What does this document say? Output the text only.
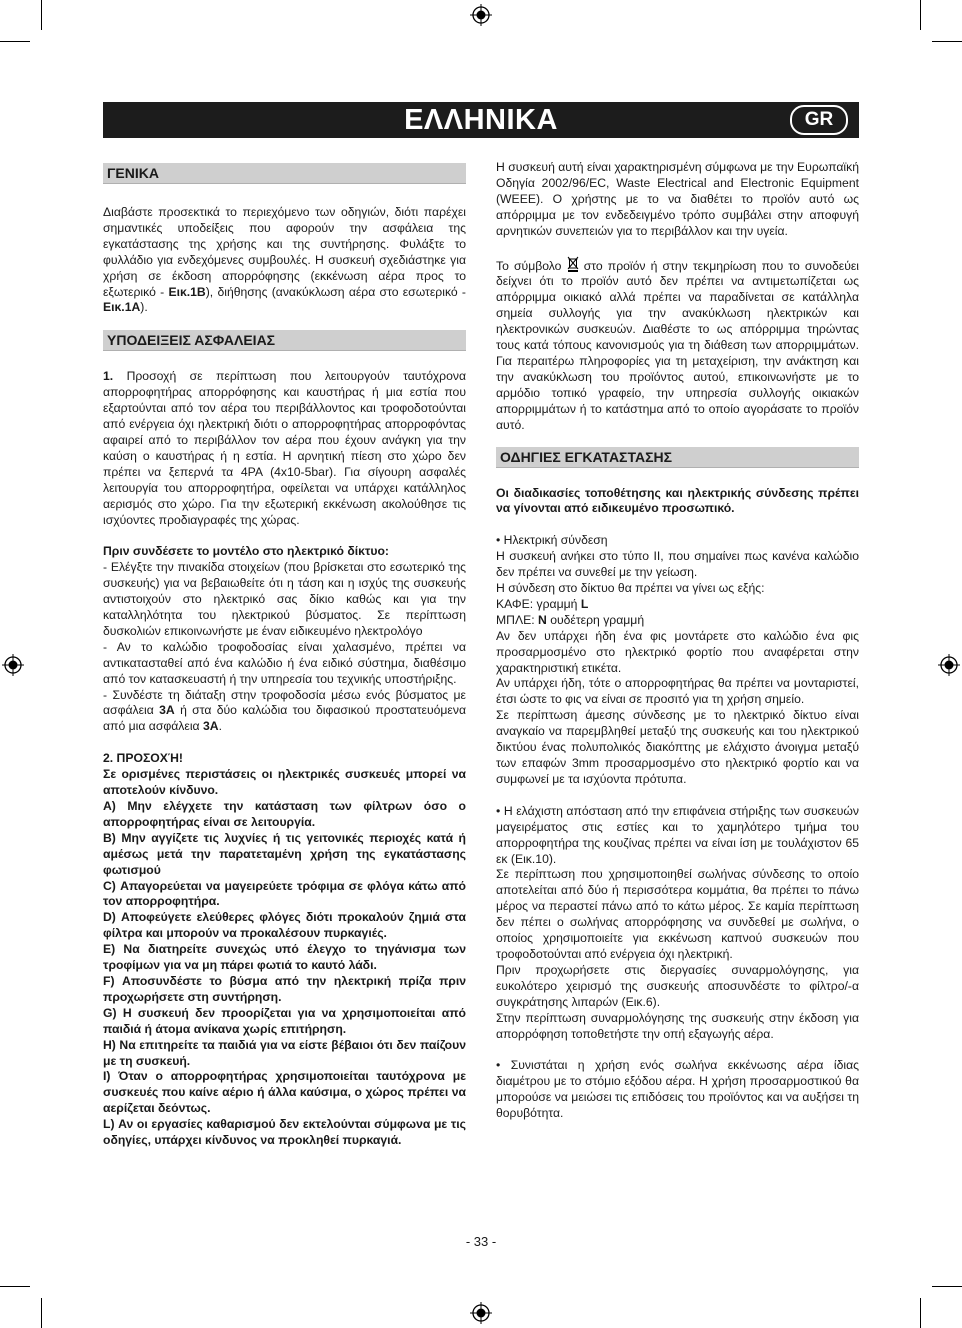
ΕΛΛΗΝΙΚΑ	GR
ΓΕΝΙΚΑ

Διαβάστε προσεκτικά το περιεχόμενο των οδηγιών, διότι παρέχει σημαντικές υποδείξεις που αφορούν την ασφάλεια της εγκατάστασης της χρήσης και της συντήρησης. Φυλάξτε το φυλλάδιο για ενδεχόμενες συμβουλές. Η συσκευή σχεδιάστηκε για χρήση σε έκδοση απορρόφησης (εκκένωση αέρα προς το εξωτερικό - Εικ.1B), διήθησης (ανακύκλωση αέρα στο εσωτερικό - Εικ.1A).

ΥΠΟΔΕΙΞΕΙΣ ΑΣΦΑΛΕΙΑΣ

1. Προσοχή σε περίπτωση που λειτουργούν ταυτόχρονα απορροφητήρας απορρόφησης και καυστήρας ή μια εστία που εξαρτούνται από τον αέρα του περιβάλλοντος και τροφοδοτούνται από ενέργεια όχι ηλεκτρική διότι ο απορροφητήρας απορροφόντας αφαιρεί από το περιβάλλον τον αέρα που έχουν ανάγκη για την καύση ο καυστήρας ή η εστία. Η αρνητική πίεση στο χώρο δεν πρέπει να ξεπερνά τα 4PA (4x10-5bar). Για σίγουρη ασφαλές λειτουργία του απορροφητήρα, οφείλεται να υπάρχει κατάλληλος αερισμός στο χώρο. Για την εξωτερική εκκένωση ακολούθησε τις ισχύοντες προδιαγραφές της χώρας.

Πριν συνδέσετε το μοντέλο στο ηλεκτρικό δίκτυο:

- Ελέγξτε την πινακίδα στοιχείων (που βρίσκεται στο εσωτερικό της συσκευής) για να βεβαιωθείτε ότι η τάση και η ισχύς της συσκευής αντιστοιχούν στο ηλεκτρικό σας δίκιο καθώς και για την καταλληλότητα του ηλεκτρικού βύσματος. Σε περίπτωση δυσκολιών επικοινωνήστε με έναν ειδικευμένο ηλεκτρολόγο

- Αν το καλώδιο τροφοδοσίας είναι χαλασμένο, πρέπει να αντικατασταθεί από ένα καλώδιο ή ένα ειδικό σύστημα, διαθέσιμο από τον κατασκευαστή ή την υπηρεσία του τεχνικής υποστήριξης.

- Συνδέστε τη διάταξη στην τροφοδοσία μέσω ενός βύσματος με ασφάλεια 3A ή στα δύο καλώδια του διφασικού προστατευόμενα από μια ασφάλεια 3A.

2. ΠΡΟΣΟΧΉ!

Σε ορισμένες περιστάσεις οι ηλεκτρικές συσκευές μπορεί να αποτελούν κίνδυνο.

A) Μην ελέγχετε την κατάσταση των φίλτρων όσο ο απορροφητήρας είναι σε λειτουργία.

B) Μην αγγίζετε τις λυχνίες ή τις γειτονικές περιοχές κατά ή αμέσως μετά την παρατεταμένη χρήση της εγκατάστασης φωτισμού

C) Απαγορεύεται να μαγειρεύετε τρόφιμα σε φλόγα κάτω από τον απορροφητήρα.

D) Αποφεύγετε ελεύθερες φλόγες διότι προκαλούν ζημιά στα φίλτρα και μπορούν να προκαλέσουν πυρκαγιές.

E) Να διατηρείτε συνεχώς υπό έλεγχο το τηγάνισμα των τροφίμων για να μη πάρει φωτιά το καυτό λάδι.

F) Αποσυνδέστε το βύσμα από την ηλεκτρική πρίζα πριν προχωρήσετε στη συντήρηση.

G) Η συσκευή δεν προορίζεται για να χρησιμοποιείται από παιδιά ή άτομα ανίκανα χωρίς επιτήρηση.

H) Να επιτηρείτε τα παιδιά για να είστε βέβαιοι ότι δεν παίζουν με τη συσκευή.

I) Όταν ο απορροφητήρας χρησιμοποιείται ταυτόχρονα με συσκευές που καίνε αέριο ή άλλα καύσιμα, ο χώρος πρέπει να αερίζεται δεόντως.

L) Αν οι εργασίες καθαρισμού δεν εκτελούνται σύμφωνα με τις οδηγίες, υπάρχει κίνδυνος να προκληθεί πυρκαγιά.

Η συσκευή αυτή είναι χαρακτηρισμένη σύμφωνα με την Ευρωπαϊκή Οδηγία 2002/96/EC, Waste Electrical and Electronic Equipment (WEEE). Ο χρήστης με το να διαθέτει το προϊόν αυτό ως απόρριμμα με τον ενδεδειγμένο τρόπο συμβάλει στην αποφυγή αρνητικών συνεπειών για το περιβάλλον και την υγεία.

Το σύμβολο  στο προϊόν ή στην τεκμηρίωση που το συνοδεύει δείχνει ότι το προϊόν αυτό δεν πρέπει να αντιμετωπίζεται ως απόρριμμα οικιακό αλλά πρέπει να παραδίνεται σε κατάλληλα σημεία συλλογής για την ανακύκλωση ηλεκτρικών και ηλεκτρονικών συσκευών. Διαθέστε το ως απόρριμμα τηρώντας τους κατά τόπους κανονισμούς για τη διάθεση των απορριμμάτων. Για περαιτέρω πληροφορίες για τη μεταχείριση, την ανάκτηση και την ανακύκλωση του προϊόντος αυτού, επικοινωνήστε με το αρμόδιο τοπικό γραφείο, την υπηρεσία συλλογής οικιακών απορριμμάτων ή το κατάστημα από το οποίο αγοράσατε το προϊόν αυτό.

ΟΔΗΓΙΕΣ ΕΓΚΑΤΑΣΤΑΣΗΣ

Οι διαδικασίες τοποθέτησης και ηλεκτρικής σύνδεσης πρέπει να γίνονται από ειδικευμένο προσωπικό.

• Ηλεκτρική σύνδεση

Η συσκευή ανήκει στο τύπο II, που σημαίνει πως κανένα καλώδιο δεν πρέπει να συνεθεί με την γείωση.

Η σύνδεση στο δίκτυο θα πρέπει να γίνει ως εξής:

ΚΑΦΕ: γραμμή L

ΜΠΛΕ: N ουδέτερη γραμμή

Αν δεν υπάρχει ήδη ένα φις μοντάρετε στο καλώδιο ένα φις προσαρμοσμένο στο ηλεκτρικό φορτίο που αναφέρεται στην χαρακτηριστική ετικέτα.

Αν υπάρχει ήδη, τότε ο απορροφητήρας θα πρέπει να μονταριστεί, έτσι ώστε το φις να είναι σε προσιτό για τη χρήση σημείο.

Σε περίπτωση άμεσης σύνδεσης με το ηλεκτρικό δίκτυο είναι αναγκαίο να παρεμβληθεί μεταξύ της συσκευής και του ηλεκτρικού δικτύου ένας πολυπολικός διακόπτης με ελάχιστο άνοιγμα μεταξύ των επαφών 3mm προσαρμοσμένο στο ηλεκτρικό φορτίο και να συμφωνεί με τα ισχύοντα πρότυπα.

• Η ελάχιστη απόσταση από την επιφάνεια στήριξης των συσκευών μαγειρέματος στις εστίες και το χαμηλότερο τμήμα του απορροφητήρα της κουζίνας πρέπει να είναι ίση με τουλάχιστον 65 εκ (Εικ.10).

Σε περίπτωση που χρησιμοποιηθεί σωλήνας σύνδεσης το οποίο αποτελείται από δύο ή περισσότερα κομμάτια, θα πρέπει το πάνω μέρος να περαστεί πάνω από το κάτω μέρος. Σε καμία περίπτωση δεν πέπει ο σωλήνας απορρόφησης να συνδεθεί με σωλήνα, ο οποίος χρησιμοποιείτε για εκκένωση καπνού συσκευών που τροφοδοτούνται από ενέργεια όχι ηλεκτρική.

Πριν προχωρήσετε στις διεργασίες συναρμολόγησης, για ευκολότερο χειρισμό της συσκευής αποσυνδέστε το φίλτρο/-α συγκράτησης λιπαρών (Εικ.6).

Στην περίπτωση συναρμολόγησης της συσκευής στην έκδοση για απορρόφηση τοποθετήστε την οπή εξαγωγής αέρα.

• Συνιστάται η χρήση ενός σωλήνα εκκένωσης αέρα ίδιας διαμέτρου με το στόμιο εξόδου αέρα. Η χρήση προσαρμοστικού θα μπορούσε να μειώσει τις επιδόσεις του προϊόντος και να αυξήσει τη θορυβότητα.

- 33 -
